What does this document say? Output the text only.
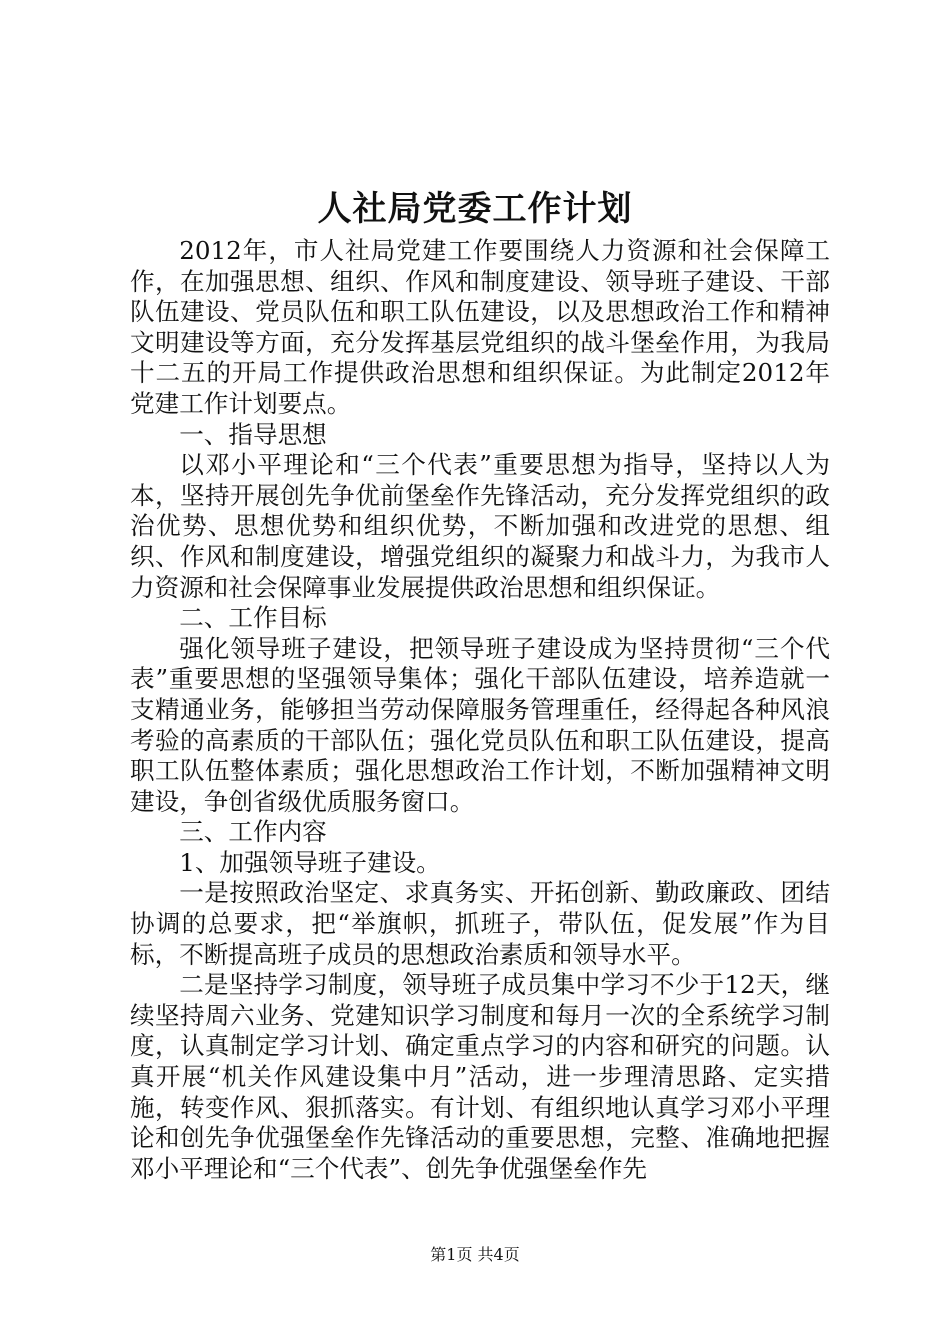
人社局党委工作计划

2012年，市人社局党建工作要围绕人力资源和社会保障工作，在加强思想、组织、作风和制度建设、领导班子建设、干部队伍建设、党员队伍和职工队伍建设，以及思想政治工作和精神文明建设等方面，充分发挥基层党组织的战斗堡垒作用，为我局十二五的开局工作提供政治思想和组织保证。为此制定2012年党建工作计划要点。

一、指导思想

以邓小平理论和“三个代表”重要思想为指导，坚持以人为本，坚持开展创先争优前堡垒作先锋活动，充分发挥党组织的政治优势、思想优势和组织优势，不断加强和改进党的思想、组织、作风和制度建设，增强党组织的凝聚力和战斗力，为我市人力资源和社会保障事业发展提供政治思想和组织保证。

二、工作目标

强化领导班子建设，把领导班子建设成为坚持贯彻“三个代表”重要思想的坚强领导集体；强化干部队伍建设，培养造就一支精通业务，能够担当劳动保障服务管理重任，经得起各种风浪考验的高素质的干部队伍；强化党员队伍和职工队伍建设，提高职工队伍整体素质；强化思想政治工作计划，不断加强精神文明建设，争创省级优质服务窗口。

三、工作内容

1、加强领导班子建设。

一是按照政治坚定、求真务实、开拓创新、勤政廉政、团结协调的总要求，把“举旗帜，抓班子，带队伍，促发展”作为目标，不断提高班子成员的思想政治素质和领导水平。

二是坚持学习制度，领导班子成员集中学习不少于12天，继续坚持周六业务、党建知识学习制度和每月一次的全系统学习制度，认真制定学习计划、确定重点学习的内容和研究的问题。认真开展“机关作风建设集中月”活动，进一步理清思路、定实措施，转变作风、狠抓落实。有计划、有组织地认真学习邓小平理论和创先争优强堡垒作先锋活动的重要思想，完整、准确地把握邓小平理论和“三个代表”、创先争优强堡垒作先

第1页 共4页
